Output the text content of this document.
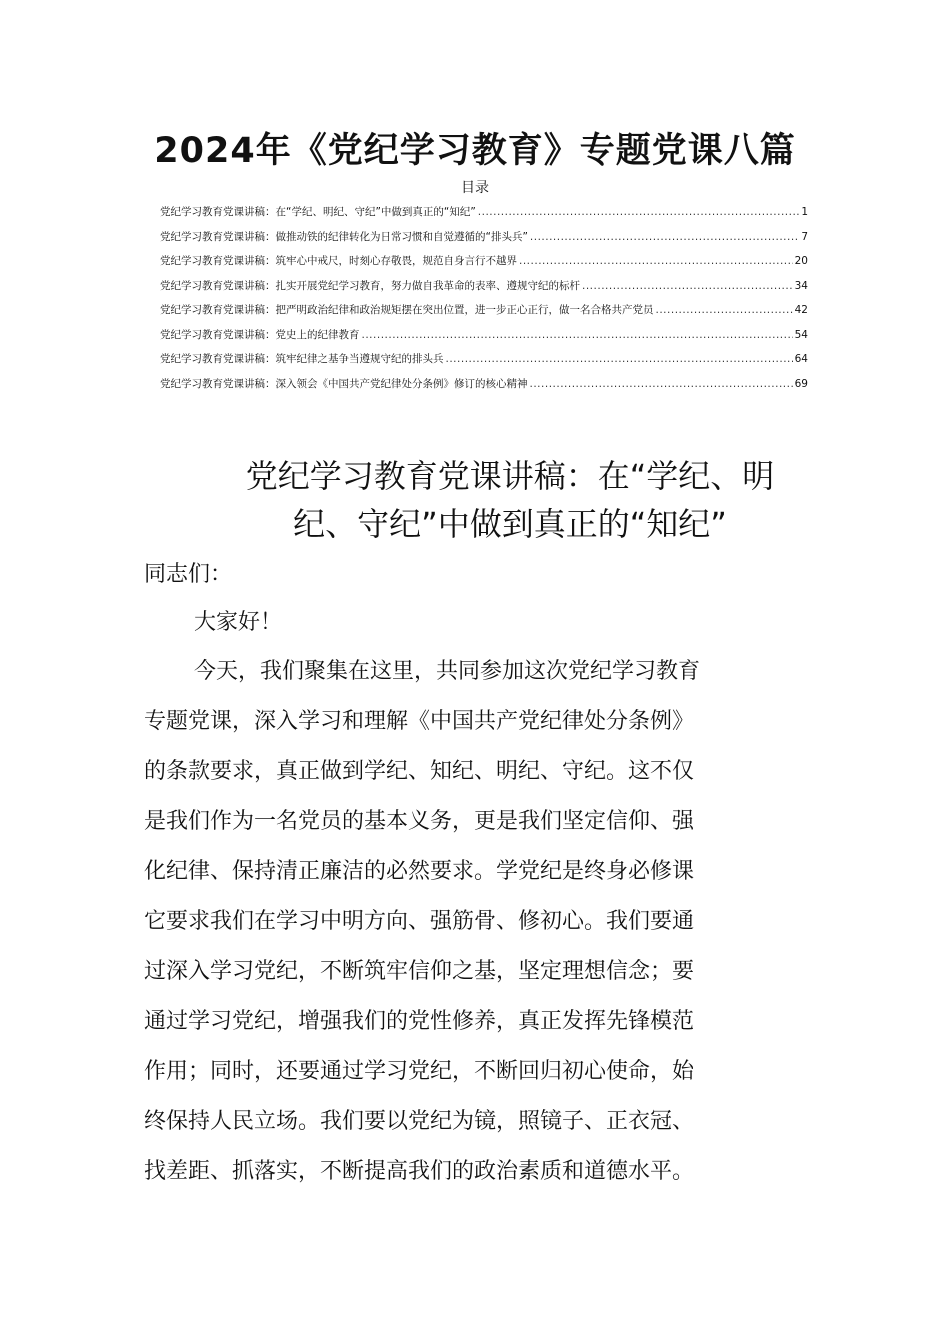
2024年《党纪学习教育》专题党课八篇
目录
党纪学习教育党课讲稿：在“学纪、明纪、守纪”中做到真正的“知纪” .....	1
党纪学习教育党课讲稿：做推动铁的纪律转化为日常习惯和自觉遵循的“排头兵” .....	7
党纪学习教育党课讲稿：筑牢心中戒尺，时刻心存敬畏，规范自身言行不越界 .....	20
党纪学习教育党课讲稿：扎实开展党纪学习教育，努力做自我革命的表率、遵规守纪的标杆 .....	34
党纪学习教育党课讲稿：把严明政治纪律和政治规矩摆在突出位置，进一步正心正行，做一名合格共产党员 .....	42
党纪学习教育党课讲稿：党史上的纪律教育 .....	54
党纪学习教育党课讲稿：筑牢纪律之基争当遵规守纪的排头兵 .....	64
党纪学习教育党课讲稿：深入领会《中国共产党纪律处分条例》修订的核心精神 .....	69
党纪学习教育党课讲稿：在“学纪、明
纪、守纪”中做到真正的“知纪”
同志们：
大家好！
今天，我们聚集在这里，共同参加这次党纪学习教育
专题党课，深入学习和理解《中国共产党纪律处分条例》
的条款要求，真正做到学纪、知纪、明纪、守纪。这不仅
是我们作为一名党员的基本义务，更是我们坚定信仰、强
化纪律、保持清正廉洁的必然要求。学党纪是终身必修课
它要求我们在学习中明方向、强筋骨、修初心。我们要通
过深入学习党纪，不断筑牢信仰之基，坚定理想信念；要
通过学习党纪，增强我们的党性修养，真正发挥先锋模范
作用；同时，还要通过学习党纪，不断回归初心使命，始
终保持人民立场。我们要以党纪为镜，照镜子、正衣冠、
找差距、抓落实，不断提高我们的政治素质和道德水平。
